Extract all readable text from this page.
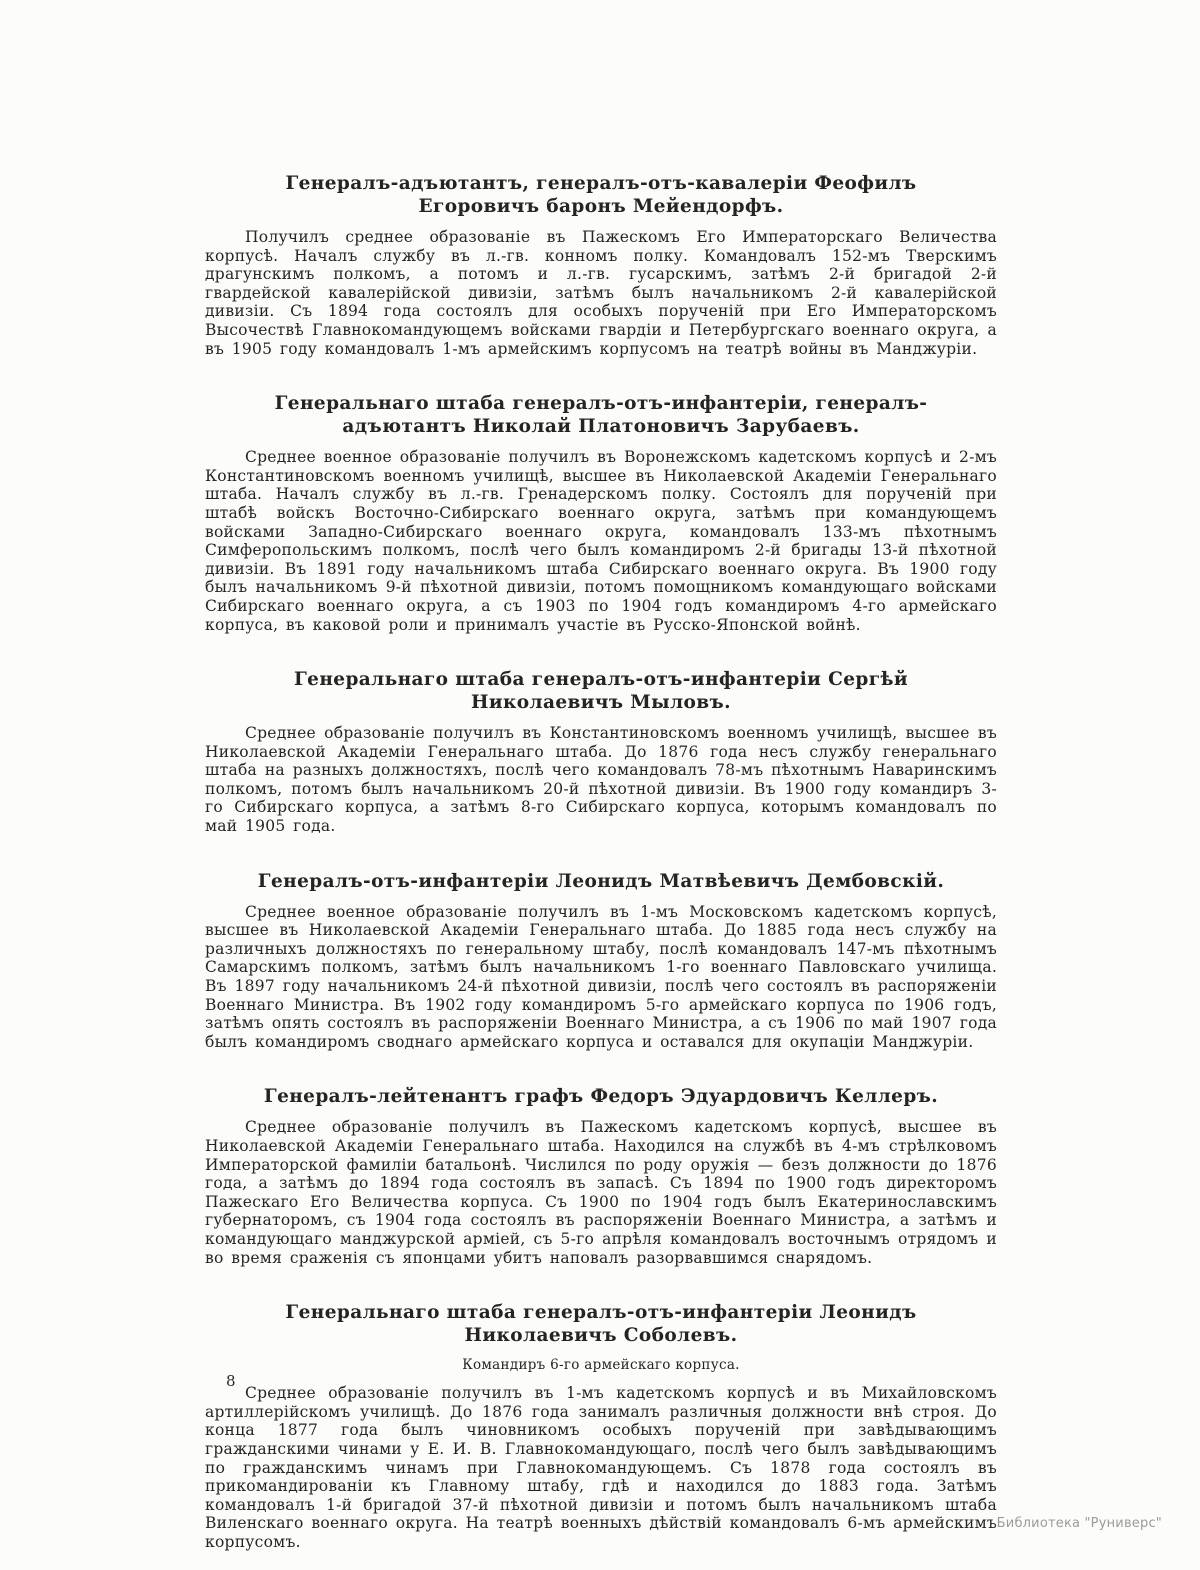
Генералъ-адъютантъ, генералъ-отъ-кавалеріи Феофилъ Егоровичъ баронъ Мейендорфъ.

Получилъ среднее образованіе въ Пажескомъ Его Императорскаго Величества корпусѣ. Началъ службу въ л.-гв. конномъ полку. Командовалъ 152-мъ Тверскимъ драгунскимъ полкомъ, а потомъ и л.-гв. гусарскимъ, затѣмъ 2-й бригадой 2-й гвардейской кавалерійской дивизіи, затѣмъ былъ начальникомъ 2-й кавалерійской дивизіи. Съ 1894 года состоялъ для особыхъ порученій при Его Императорскомъ Высочествѣ Главнокомандующемъ войсками гвардіи и Петербургскаго военнаго округа, а въ 1905 году командовалъ 1-мъ армейскимъ корпусомъ на театрѣ войны въ Манджуріи.

Генеральнаго штаба генералъ-отъ-инфантеріи, генералъ-адъютантъ Николай Платоновичъ Зарубаевъ.

Среднее военное образованіе получилъ въ Воронежскомъ кадетскомъ корпусѣ и 2-мъ Константиновскомъ военномъ училищѣ, высшее въ Николаевской Академіи Генеральнаго штаба. Началъ службу въ л.-гв. Гренадерскомъ полку. Состоялъ для порученій при штабѣ войскъ Восточно-Сибирскаго военнаго округа, затѣмъ при командующемъ войсками Западно-Сибирскаго военнаго округа, командовалъ 133-мъ пѣхотнымъ Симферопольскимъ полкомъ, послѣ чего былъ командиромъ 2-й бригады 13-й пѣхотной дивизіи. Въ 1891 году начальникомъ штаба Сибирскаго военнаго округа. Въ 1900 году былъ начальникомъ 9-й пѣхотной дивизіи, потомъ помощникомъ командующаго войсками Сибирскаго военнаго округа, а съ 1903 по 1904 годъ командиромъ 4-го армейскаго корпуса, въ каковой роли и принималъ участіе въ Русско-Японской войнѣ.

Генеральнаго штаба генералъ-отъ-инфантеріи Сергѣй Николаевичъ Мыловъ.

Среднее образованіе получилъ въ Константиновскомъ военномъ училищѣ, высшее въ Николаевской Академіи Генеральнаго штаба. До 1876 года несъ службу генеральнаго штаба на разныхъ должностяхъ, послѣ чего командовалъ 78-мъ пѣхотнымъ Наваринскимъ полкомъ, потомъ былъ начальникомъ 20-й пѣхотной дивизіи. Въ 1900 году командиръ 3-го Сибирскаго корпуса, а затѣмъ 8-го Сибирскаго корпуса, которымъ командовалъ по май 1905 года.

Генералъ-отъ-инфантеріи Леонидъ Матвѣевичъ Дембовскій.

Среднее военное образованіе получилъ въ 1-мъ Московскомъ кадетскомъ корпусѣ, высшее въ Николаевской Академіи Генеральнаго штаба. До 1885 года несъ службу на различныхъ должностяхъ по генеральному штабу, послѣ командовалъ 147-мъ пѣхотнымъ Самарскимъ полкомъ, затѣмъ былъ начальникомъ 1-го военнаго Павловскаго училища. Въ 1897 году начальникомъ 24-й пѣхотной дивизіи, послѣ чего состоялъ въ распоряженіи Военнаго Министра. Въ 1902 году командиромъ 5-го армейскаго корпуса по 1906 годъ, затѣмъ опять состоялъ въ распоряженіи Военнаго Министра, а съ 1906 по май 1907 года былъ командиромъ своднаго армейскаго корпуса и оставался для окупаціи Манджуріи.

Генералъ-лейтенантъ графъ Федоръ Эдуардовичъ Келлеръ.

Среднее образованіе получилъ въ Пажескомъ кадетскомъ корпусѣ, высшее въ Николаевской Академіи Генеральнаго штаба. Находился на службѣ въ 4-мъ стрѣлковомъ Императорской фамиліи батальонѣ. Числился по роду оружія — безъ должности до 1876 года, а затѣмъ до 1894 года состоялъ въ запасѣ. Съ 1894 по 1900 годъ директоромъ Пажескаго Его Величества корпуса. Съ 1900 по 1904 годъ былъ Екатеринославскимъ губернаторомъ, съ 1904 года состоялъ въ распоряженіи Военнаго Министра, а затѣмъ и командующаго манджурской арміей, съ 5-го апрѣля командовалъ восточнымъ отрядомъ и во время сраженія съ японцами убитъ наповалъ разорвавшимся снарядомъ.

Генеральнаго штаба генералъ-отъ-инфантеріи Леонидъ Николаевичъ Соболевъ.
Командиръ 6-го армейскаго корпуса.

Среднее образованіе получилъ въ 1-мъ кадетскомъ корпусѣ и въ Михайловскомъ артиллерійскомъ училищѣ. До 1876 года занималъ различныя должности внѣ строя. До конца 1877 года былъ чиновникомъ особыхъ порученій при завѣдывающимъ гражданскими чинами у Е. И. В. Главнокомандующаго, послѣ чего былъ завѣдывающимъ по гражданскимъ чинамъ при Главнокомандующемъ. Съ 1878 года состоялъ въ прикомандированіи къ Главному штабу, гдѣ и находился до 1883 года. Затѣмъ командовалъ 1-й бригадой 37-й пѣхотной дивизіи и потомъ былъ начальникомъ штаба Виленскаго военнаго округа. На театрѣ военныхъ дѣйствій командовалъ 6-мъ армейскимъ корпусомъ.

8
Библиотека "Руниверс"
